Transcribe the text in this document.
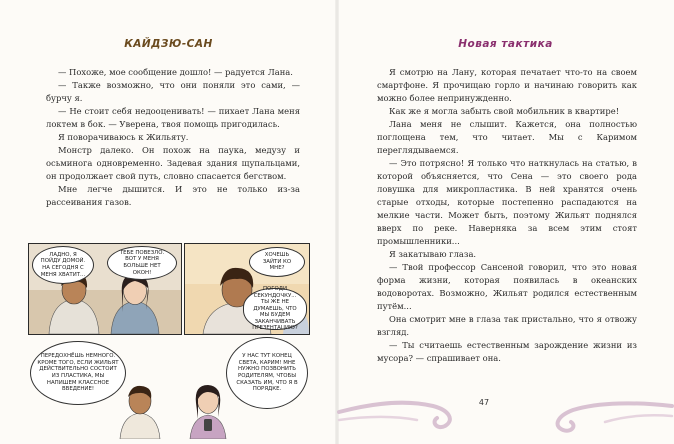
КАЙДЗЮ-САН

— Похоже, мое сообщение дошло! — радуется Лана.

— Также возможно, что они поняли это сами, — бурчу я.

— Не стоит себя недооценивать! — пихает Лана меня локтем в бок. — Уверена, твоя помощь пригодилась.

Я поворачиваюсь к Жильяту.

Монстр далеко. Он похож на паука, медузу и осьминога одновременно. Задевая здания щупальцами, он продолжает свой путь, словно спасается бегством.

Мне легче дышится. И это не только из-за рассеивания газов.

ЛАДНО, Я ПОЙДУ ДОМОЙ. НА СЕГОДНЯ С МЕНЯ ХВАТИТ...
ТЕБЕ ПОВЕЗЛО. ВОТ У МЕНЯ БОЛЬШЕ НЕТ ОКОН!
ХОЧЕШЬ ЗАЙТИ КО МНЕ?
ПОГОДИ СЕКУНДОЧКУ... ТЫ ЖЕ НЕ ДУМАЕШЬ, ЧТО МЫ БУДЕМ ЗАКАНЧИВАТЬ ПРЕЗЕНТАЦИЮ?
ПЕРЕДОХНЁШЬ НЕМНОГО. КРОМЕ ТОГО, ЕСЛИ ЖИЛЬЯТ ДЕЙСТВИТЕЛЬНО СОСТОИТ ИЗ ПЛАСТИКА, МЫ НАПИШЕМ КЛАССНОЕ ВВЕДЕНИЕ!
У НАС ТУТ КОНЕЦ СВЕТА, КАРИМ! МНЕ НУЖНО ПОЗВОНИТЬ РОДИТЕЛЯМ, ЧТОБЫ СКАЗАТЬ ИМ, ЧТО Я В ПОРЯДКЕ.
Новая тактика

Я смотрю на Лану, которая печатает что-то на своем смартфоне. Я прочищаю горло и начинаю говорить как можно более непринужденно.

Как же я могла забыть свой мобильник в квартире!

Лана меня не слышит. Кажется, она полностью поглощена тем, что читает. Мы с Каримом переглядываемся.

— Это потрясно! Я только что наткнулась на статью, в которой объясняется, что Сена — это своего рода ловушка для микропластика. В ней хранятся очень старые отходы, которые постепенно распадаются на мелкие части. Может быть, поэтому Жильят поднялся вверх по реке. Наверняка за всем этим стоят промышленники...

Я закатываю глаза.

— Твой профессор Сансеной говорил, что это новая форма жизни, которая появилась в океанских водоворотах. Возможно, Жильят родился естественным путём...

Она смотрит мне в глаза так пристально, что я отвожу взгляд.

— Ты считаешь естественным зарождение жизни из мусора? — спрашивает она.

47
